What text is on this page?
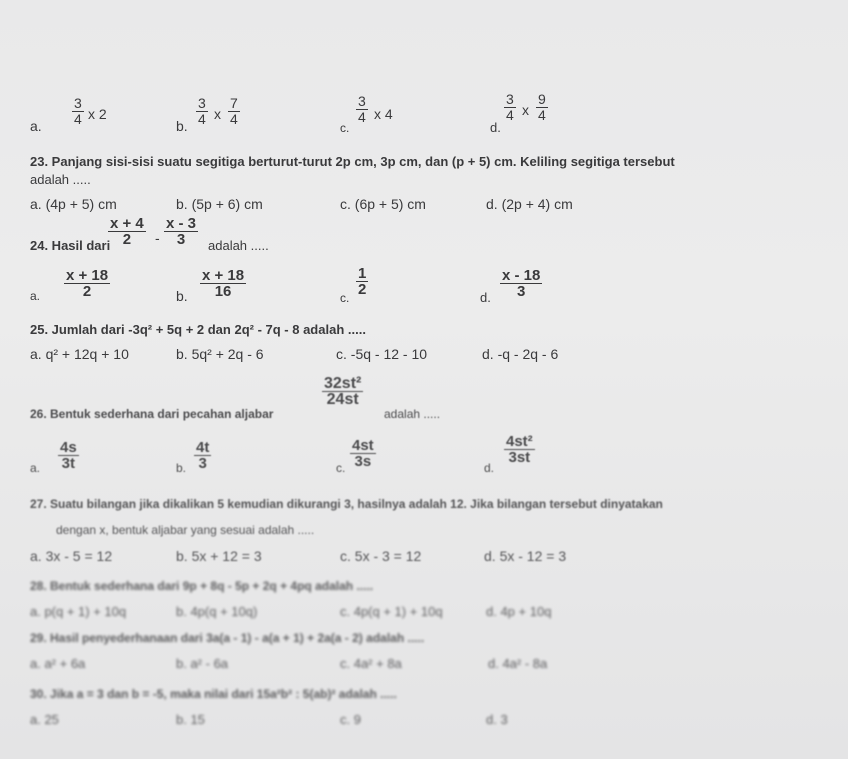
a. $\frac{3}{4}$ x 2
b. $\frac{3}{4}$ x $\frac{7}{4}$
c.
$\frac{3}{4}$ x 4
d.
$\frac{3}{4}$ x $\frac{9}{4}$
23. Panjang sisi-sisi suatu segitiga berturut-turut 2p cm, 3p cm, dan (p + 5) cm. Keliling segitiga tersebut
adalah .....
a. (4p + 5) cm	b. (5p + 6) cm	c. (6p + 5) cm	d. (2p + 4) cm
24. Hasil dari
$\frac{x + 4}{2} - \frac{x - 3}{3}$ adalah .....
a. $\frac{x + 18}{2}$	b. $\frac{x + 18}{16}$	c.
$\frac{1}{2}$
d. $\frac{x - 18}{3}$
25. Jumlah dari -3q² + 5q + 2 dan 2q² - 7q - 8 adalah .....
a. q² + 12q + 10	b. 5q² + 2q - 6	c. -5q - 12 - 10	d. -q - 2q - 6
26. Bentuk sederhana dari pecahan aljabar
$\frac{\text{32st²}}{24st}$
adalah .....
a. $\frac{4s}{3t}$	b. $\frac{4t}{3}$	c. $\frac{4st}{3s}$	d.
$\frac{\text{4st²}}{3st}$
27. Suatu bilangan jika dikalikan 5 kemudian dikurangi 3, hasilnya adalah 12. Jika bilangan tersebut dinyatakan
dengan x, bentuk aljabar yang sesuai adalah .....
a. 3x - 5 = 12	b. 5x + 12 = 3	c. 5x - 3 = 12	d. 5x - 12 = 3
28. Bentuk sederhana dari 9p + 8q - 5p + 2q + 4pq adalah .....
a. p(q + 1) + 10q	b. 4p(q + 10q)	c. 4p(q + 1) + 10q	d. 4p + 10q
29. Hasil penyederhanaan dari 3a(a - 1) - a(a + 1) + 2a(a - 2) adalah .....
a. a² + 6a	b. a² - 6a	c. 4a² + 8a	d. 4a² - 8a
30. Jika a = 3 dan b = -5, maka nilai dari 15a²b² : 5(ab)² adalah .....
a. 25	b. 15	c. 9	d. 3
